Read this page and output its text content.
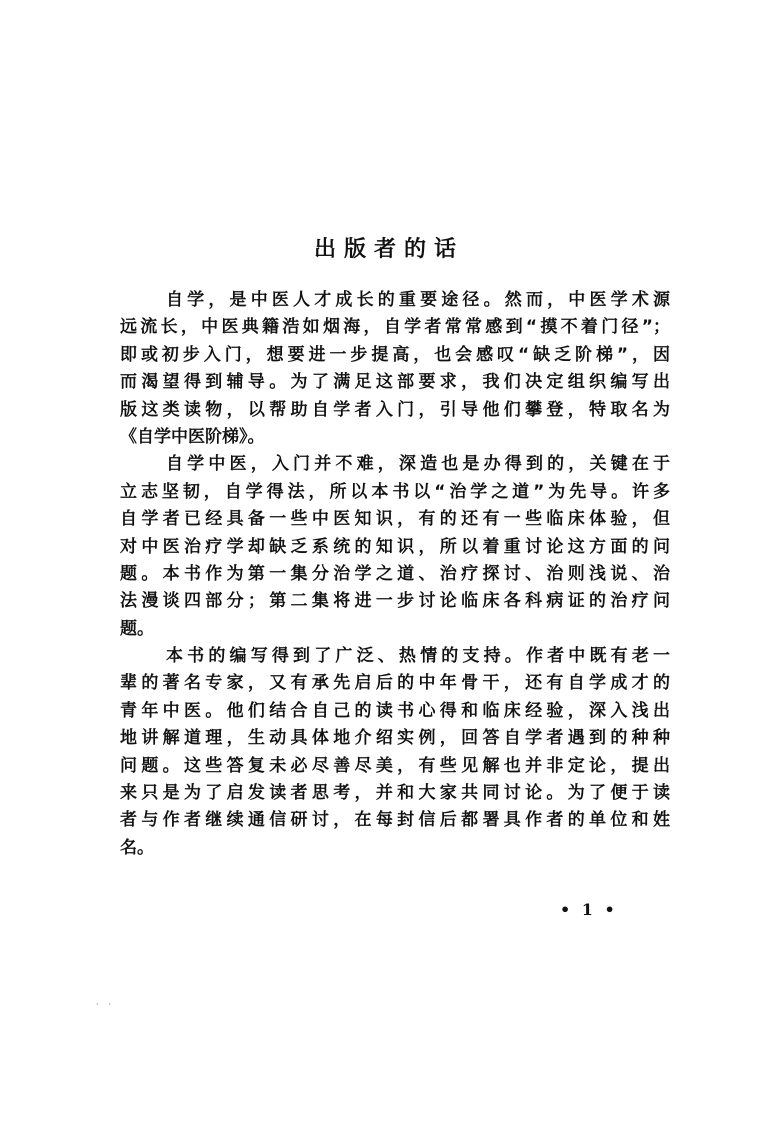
出版者的话
自学，是中医人才成长的重要途径。然而，中医学术源
远流长，中医典籍浩如烟海，自学者常常感到“摸不着门径”；
即或初步入门，想要进一步提高，也会感叹“缺乏阶梯”，因
而渴望得到辅导。为了满足这部要求，我们决定组织编写出
版这类读物，以帮助自学者入门，引导他们攀登，特取名为
《自学中医阶梯》。
自学中医，入门并不难，深造也是办得到的，关键在于
立志坚韧，自学得法，所以本书以“治学之道”为先导。许多
自学者已经具备一些中医知识，有的还有一些临床体验，但
对中医治疗学却缺乏系统的知识，所以着重讨论这方面的问
题。本书作为第一集分治学之道、治疗探讨、治则浅说、治
法漫谈四部分；第二集将进一步讨论临床各科病证的治疗问
题。
本书的编写得到了广泛、热情的支持。作者中既有老一
辈的著名专家，又有承先启后的中年骨干，还有自学成才的
青年中医。他们结合自己的读书心得和临床经验，深入浅出
地讲解道理，生动具体地介绍实例，回答自学者遇到的种种
问题。这些答复未必尽善尽美，有些见解也并非定论，提出
来只是为了启发读者思考，并和大家共同讨论。为了便于读
者与作者继续通信研讨，在每封信后都署具作者的单位和姓
名。
• 1 •
··
